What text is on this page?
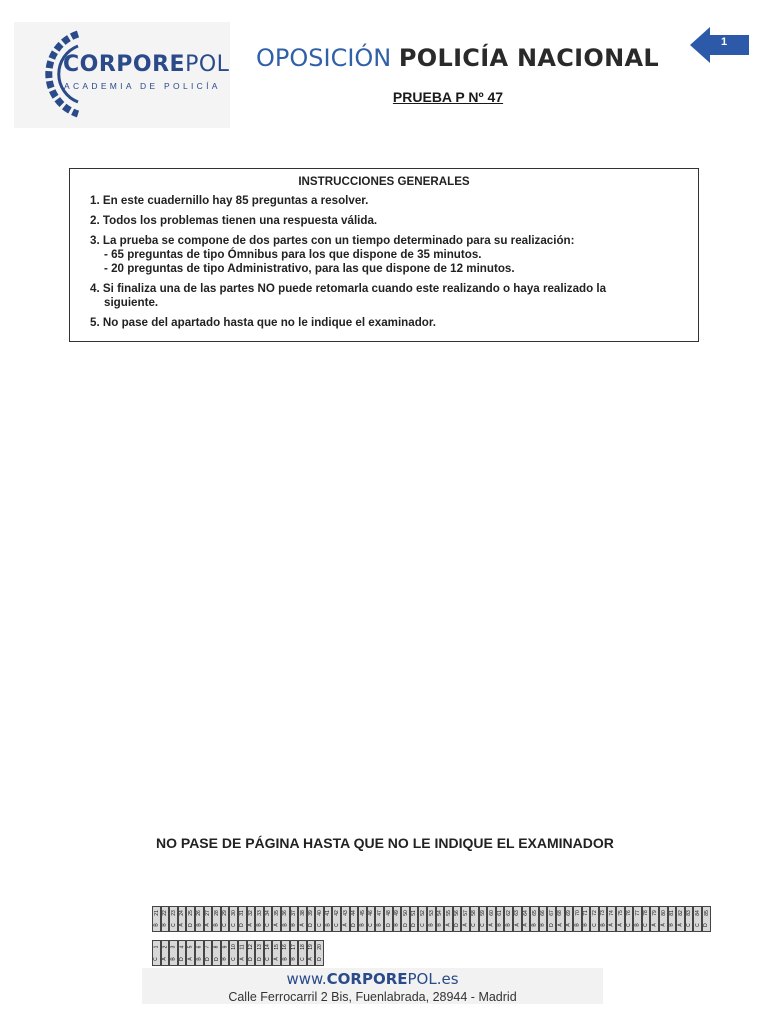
CORPOREPOL
ACADEMIA DE POLICÍA
OPOSICIÓN POLICÍA NACIONAL
PRUEBA P Nº 47
1
INSTRUCCIONES GENERALES
1. En este cuadernillo hay 85 preguntas a resolver.
2. Todos los problemas tienen una respuesta válida.
3. La prueba se compone de dos partes con un tiempo determinado para su realización:
- 65 preguntas de tipo Ómnibus para los que dispone de 35 minutos.
- 20 preguntas de tipo Administrativo, para las que dispone de 12 minutos.
4. Si finaliza una de las partes NO puede retomarla cuando este realizando o haya realizado la
siguiente.
5. No pase del apartado hasta que no le indique el examinador.
NO PASE DE PÁGINA HASTA QUE NO LE INDIQUE EL EXAMINADOR
21
B
22
B
23
C
24
A
25
D
26
B
27
A
28
B
29
C
30
C
31
D
32
A
33
B
34
C
35
A
36
B
37
B
38
A
39
D
40
C
41
B
42
C
43
A
44
D
45
B
46
C
47
B
48
D
49
B
50
D
51
D
52
C
53
B
54
B
55
A
56
D
57
A
58
C
59
C
60
A
61
B
62
B
63
A
64
A
65
B
66
B
67
D
68
A
69
A
70
B
71
B
72
C
73
B
74
A
75
A
76
C
77
B
78
C
79
A
80
A
81
B
82
A
83
C
84
C
85
D
1
C
2
A
3
B
4
D
5
A
6
B
7
D
8
D
9
B
10
C
11
A
12
D
13
D
14
C
15
A
16
B
17
B
18
C
19
A
20
D
www.CORPOREPOL.es
Calle Ferrocarril 2 Bis, Fuenlabrada, 28944 - Madrid
